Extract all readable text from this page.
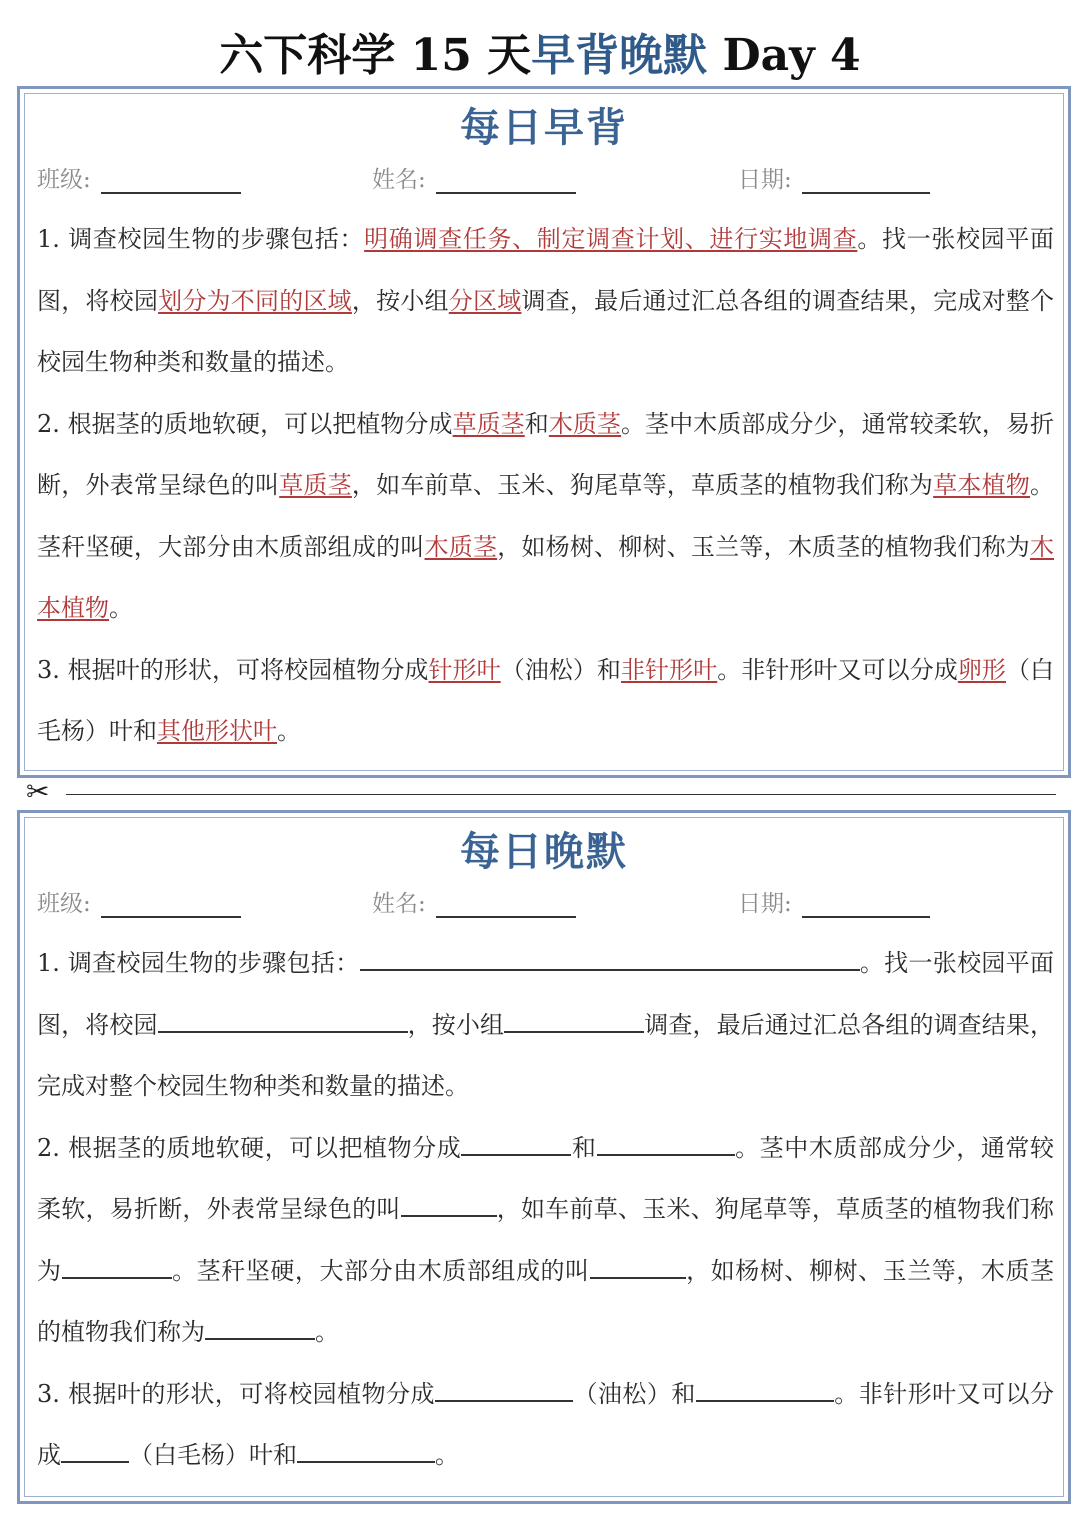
六下科学 15 天早背晚默 Day 4
每日早背
班级:	姓名:	日期:

1. 调查校园生物的步骤包括：明确调查任务、制定调查计划、进行实地调查。找一张校园平面图，将校园划分为不同的区域，按小组分区域调查，最后通过汇总各组的调查结果，完成对整个校园生物种类和数量的描述。

2. 根据茎的质地软硬，可以把植物分成草质茎和木质茎。茎中木质部成分少，通常较柔软，易折断，外表常呈绿色的叫草质茎，如车前草、玉米、狗尾草等，草质茎的植物我们称为草本植物。茎秆坚硬，大部分由木质部组成的叫木质茎，如杨树、柳树、玉兰等，木质茎的植物我们称为木本植物。

3. 根据叶的形状，可将校园植物分成针形叶（油松）和非针形叶。非针形叶又可以分成卵形（白毛杨）叶和其他形状叶。

✂
每日晚默
班级:	姓名:	日期:

1. 调查校园生物的步骤包括：	。找一张校园平面图，将校园	，按小组	调查，最后通过汇总各组的调查结果，完成对整个校园生物种类和数量的描述。

2. 根据茎的质地软硬，可以把植物分成	和	。茎中木质部成分少，通常较柔软，易折断，外表常呈绿色的叫	，如车前草、玉米、狗尾草等，草质茎的植物我们称为	。茎秆坚硬，大部分由木质部组成的叫	，如杨树、柳树、玉兰等，木质茎的植物我们称为	。

3. 根据叶的形状，可将校园植物分成	（油松）和	。非针形叶又可以分成	（白毛杨）叶和	。
